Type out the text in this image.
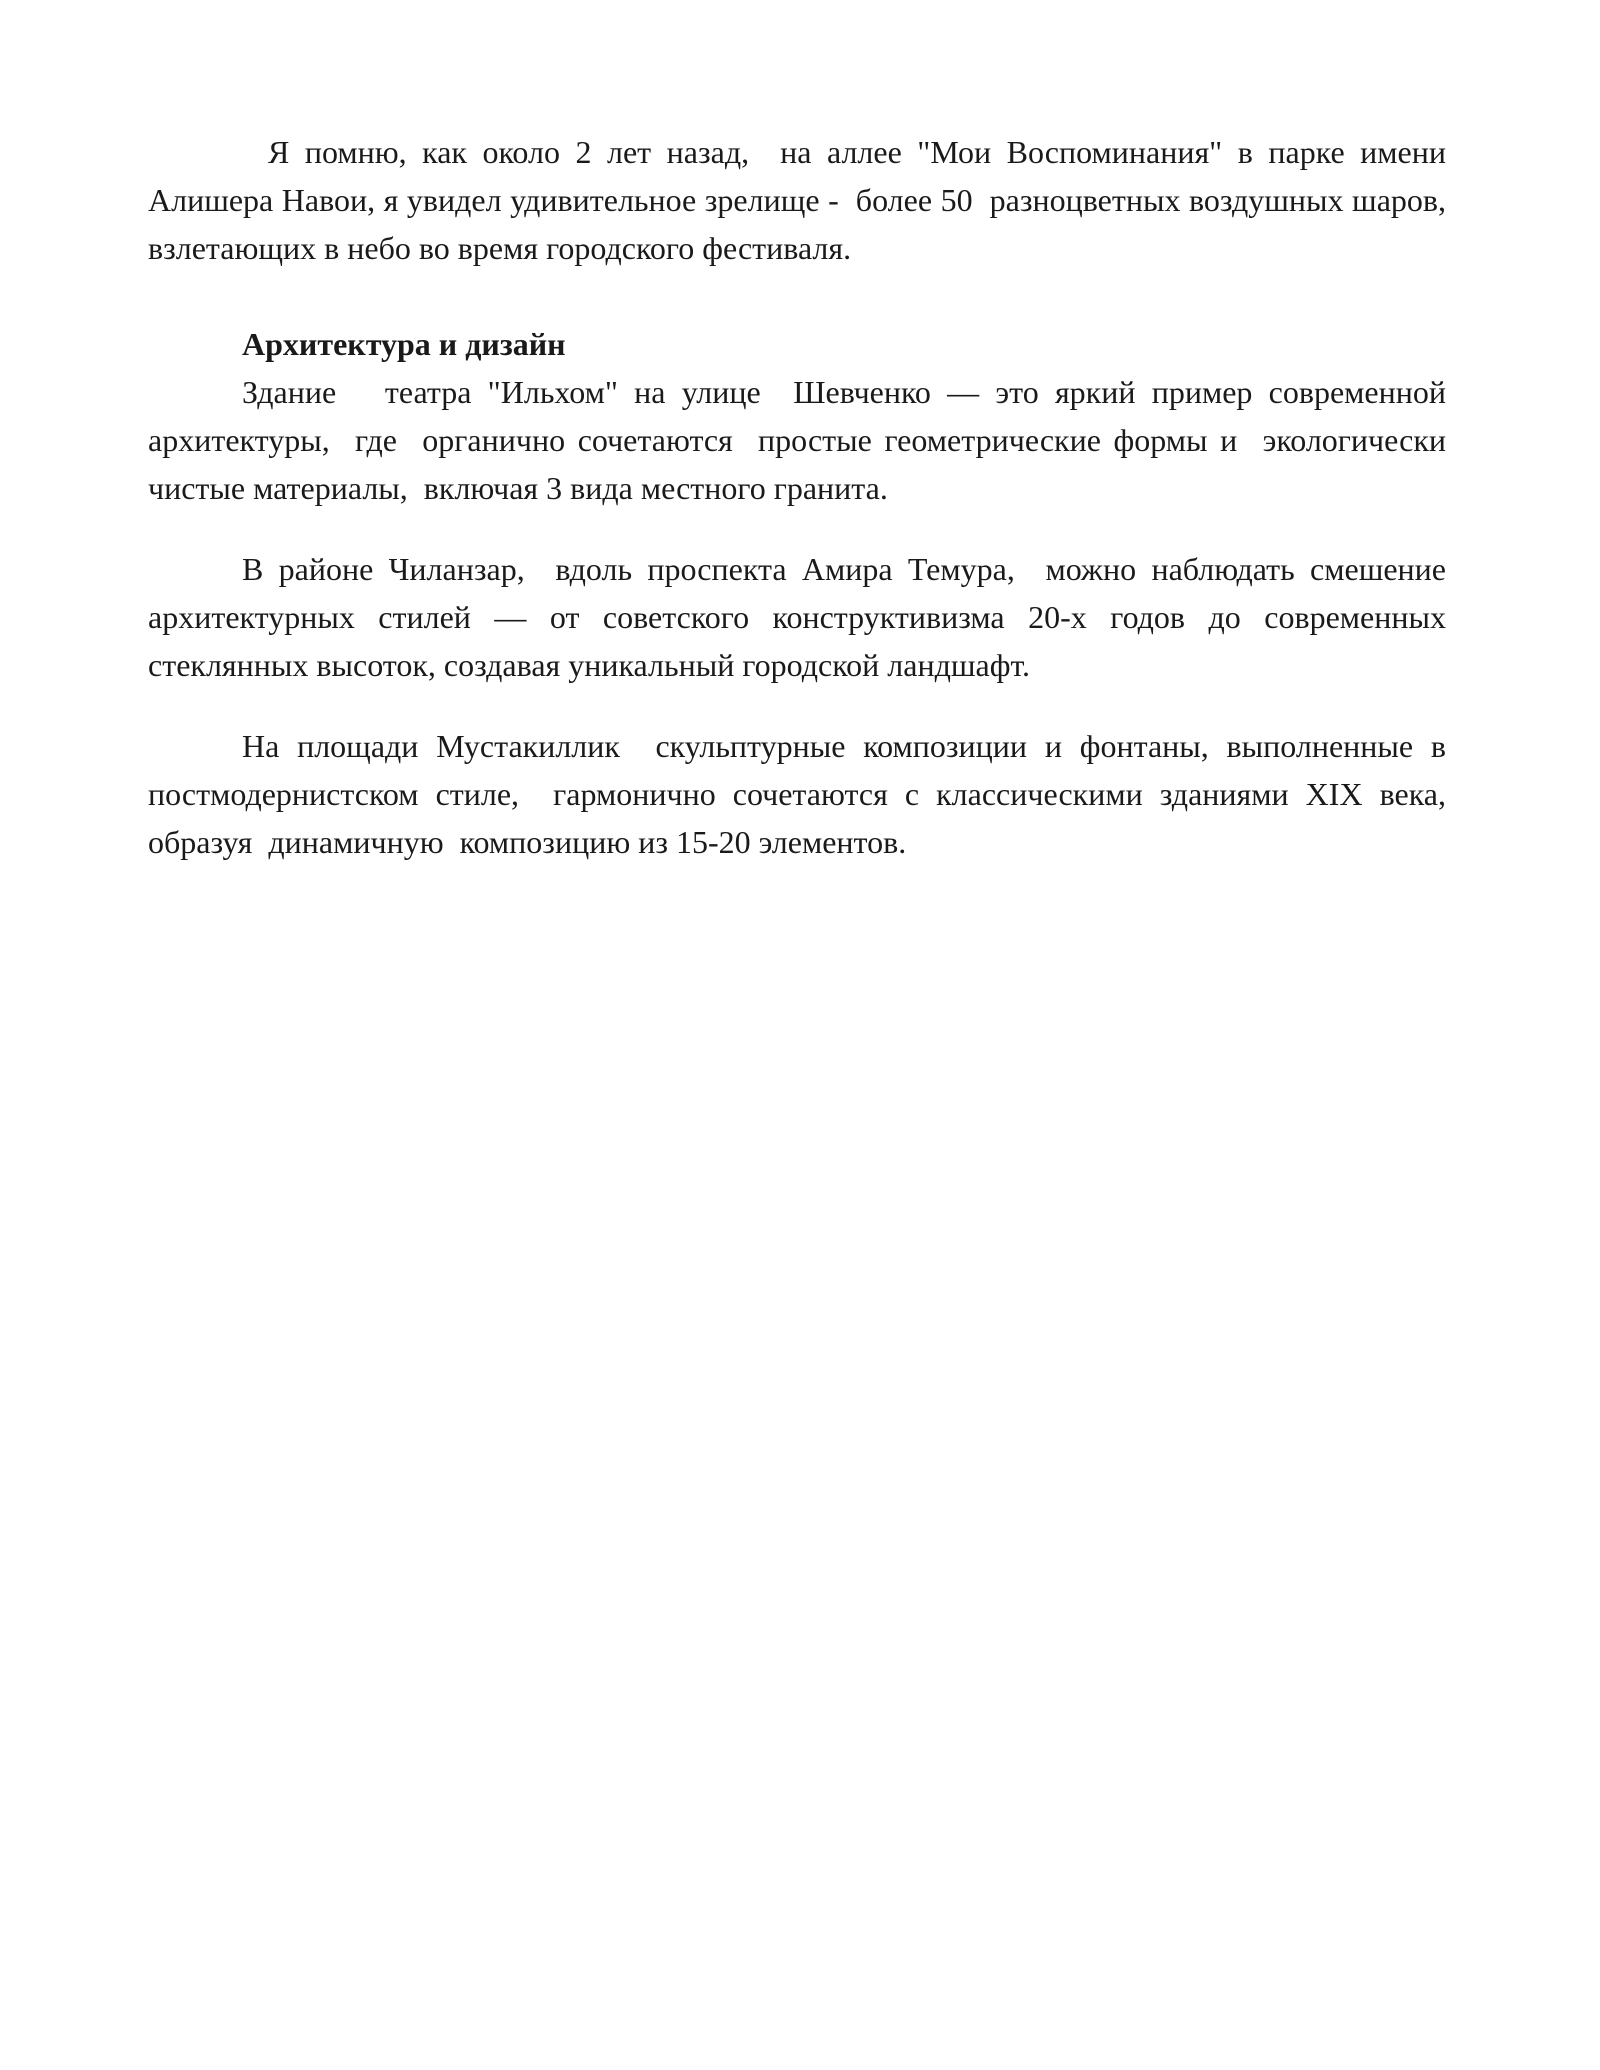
Я помню, как около 2 лет назад,  на аллее "Мои Воспоминания" в парке имени Алишера Навои, я увидел удивительное зрелище -  более 50  разноцветных воздушных шаров,  взлетающих в небо во время городского фестиваля.

Архитектура и дизайн

Здание   театра "Ильхом" на улице  Шевченко — это яркий пример современной архитектуры,  где  органично сочетаются  простые геометрические формы и  экологически чистые материалы,  включая 3 вида местного гранита.

В районе Чиланзар,  вдоль проспекта Амира Темура,  можно наблюдать смешение архитектурных стилей — от советского конструктивизма 20-х годов до современных стеклянных высоток, создавая уникальный городской ландшафт.

На площади Мустакиллик  скульптурные композиции и фонтаны, выполненные в постмодернистском стиле,  гармонично сочетаются с классическими зданиями XIX века, образуя  динамичную  композицию из 15-20 элементов.
